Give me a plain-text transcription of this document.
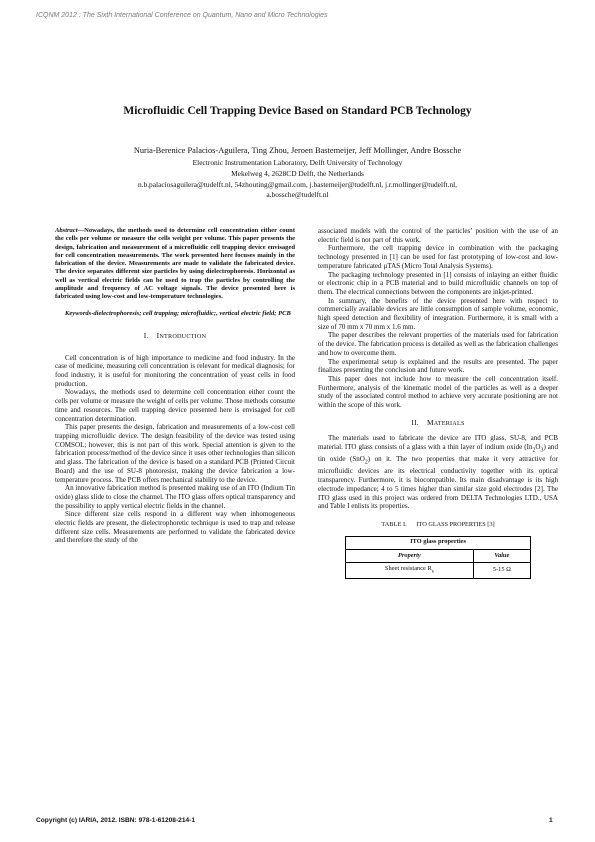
ICQNM 2012 : The Sixth International Conference on Quantum, Nano and Micro Technologies
Microfluidic Cell Trapping Device Based on Standard PCB Technology
Nuria-Berenice Palacios-Aguilera, Ting Zhou, Jeroen Bastemeijer, Jeff Mollinger, Andre Bossche
Electronic Instrumentation Laboratory, Delft University of Technology
Mekelweg 4, 2628CD Delft, the Netherlands
n.b.palaciosaguilera@tudelft.nl, 54zhouting@gmail.com, j.bastemeijer@tudelft.nl, j.r.mollinger@tudelft.nl,
a.bossche@tudelft.nl

Abstract—Nowadays, the methods used to determine cell concentration either count the cells per volume or measure the cells weight per volume. This paper presents the design, fabrication and measurement of a microfluidic cell trapping device envisaged for cell concentration measurements. The work presented here focuses mainly in the fabrication of the device. Measurements are made to validate the fabricated device. The device separates different size particles by using dielectrophoresis. Horizontal as well as vertical electric fields can be used to trap the particles by controlling the amplitude and frequency of AC voltage signals. The device presented here is fabricated using low-cost and low-temperature technologies.

Keywords-dielectrophoresis; cell trapping; microfluidic;, vertical electric field; PCB

I. INTRODUCTION

Cell concentration is of high importance to medicine and food industry. In the case of medicine, measuring cell concentration is relevant for medical diagnosis; for food industry, it is useful for monitoring the concentration of yeast cells in food production.

Nowadays, the methods used to determine cell concentration either count the cells per volume or measure the weight of cells per volume. Those methods consume time and resources. The cell trapping device presented here is envisaged for cell concentration determination.

This paper presents the design, fabrication and measurements of a low-cost cell trapping microfluidic device. The design feasibility of the device was tested using COMSOL; however, this is not part of this work. Special attention is given to the fabrication process/method of the device since it uses other technologies than silicon and glass. The fabrication of the device is based on a standard PCB (Printed Circuit Board) and the use of SU-8 photoresist, making the device fabrication a low-temperature process. The PCB offers mechanical stability to the device.

An innovative fabrication method is presented making use of an ITO (Indium Tin oxide) glass slide to close the channel. The ITO glass offers optical transparency and the possibility to apply vertical electric fields in the channel.

Since different size cells respond in a different way when inhomogeneous electric fields are present, the dielectrophoretic technique is used to trap and release different size cells. Measurements are performed to validate the fabricated device and therefore the study of the

associated models with the control of the particles’ position with the use of an electric field is not part of this work.

Furthermore, the cell trapping device in combination with the packaging technology presented in [1] can be used for fast prototyping of low-cost and low-temperature fabricated µTAS (Micro Total Analysis Systems).

The packaging technology presented in [1] consists of inlaying an either fluidic or electronic chip in a PCB material and to build microfluidic channels on top of them. The electrical connections between the components are inkjet-printed.

In summary, the benefits of the device presented here with respect to commercially available devices are little consumption of sample volume, economic, high speed detection and flexibility of integration. Furthermore, it is small with a size of 70 mm x 70 mm x 1.6 mm.

The paper describes the relevant properties of the materials used for fabrication of the device. The fabrication process is detailed as well as the fabrication challenges and how to overcome them.

The experimental setup is explained and the results are presented. The paper finalizes presenting the conclusion and future work.

This paper does not include how to measure the cell concentration itself. Furthermore, analysis of the kinematic model of the particles as well as a deeper study of the associated control method to achieve very accurate positioning are not within the scope of this work.

II. MATERIALS

The materials used to fabricate the device are ITO glass, SU-8, and PCB material. ITO glass consists of a glass with a thin layer of indium oxide $(In_2O_3)$ and tin oxide (SnO$_2$) on it. The two properties that make it very attractive for microfluidic devices are its electrical conductivity together with its optical transparency. Furthermore, it is biocompatible. Its main disadvantage is its high electrode impedance; 4 to 5 times higher than similar size gold electrodes [2]. The ITO glass used in this project was ordered from DELTA Technologies LTD., USA and Table I enlists its properties.

TABLE I. ITO GLASS PROPERTIES [3]
ITO glass properties	
Property	Value
Sheet resistance $R_s$	5-15 Ω
Copyright (c) IARIA, 2012. ISBN: 978-1-61208-214-1	1
